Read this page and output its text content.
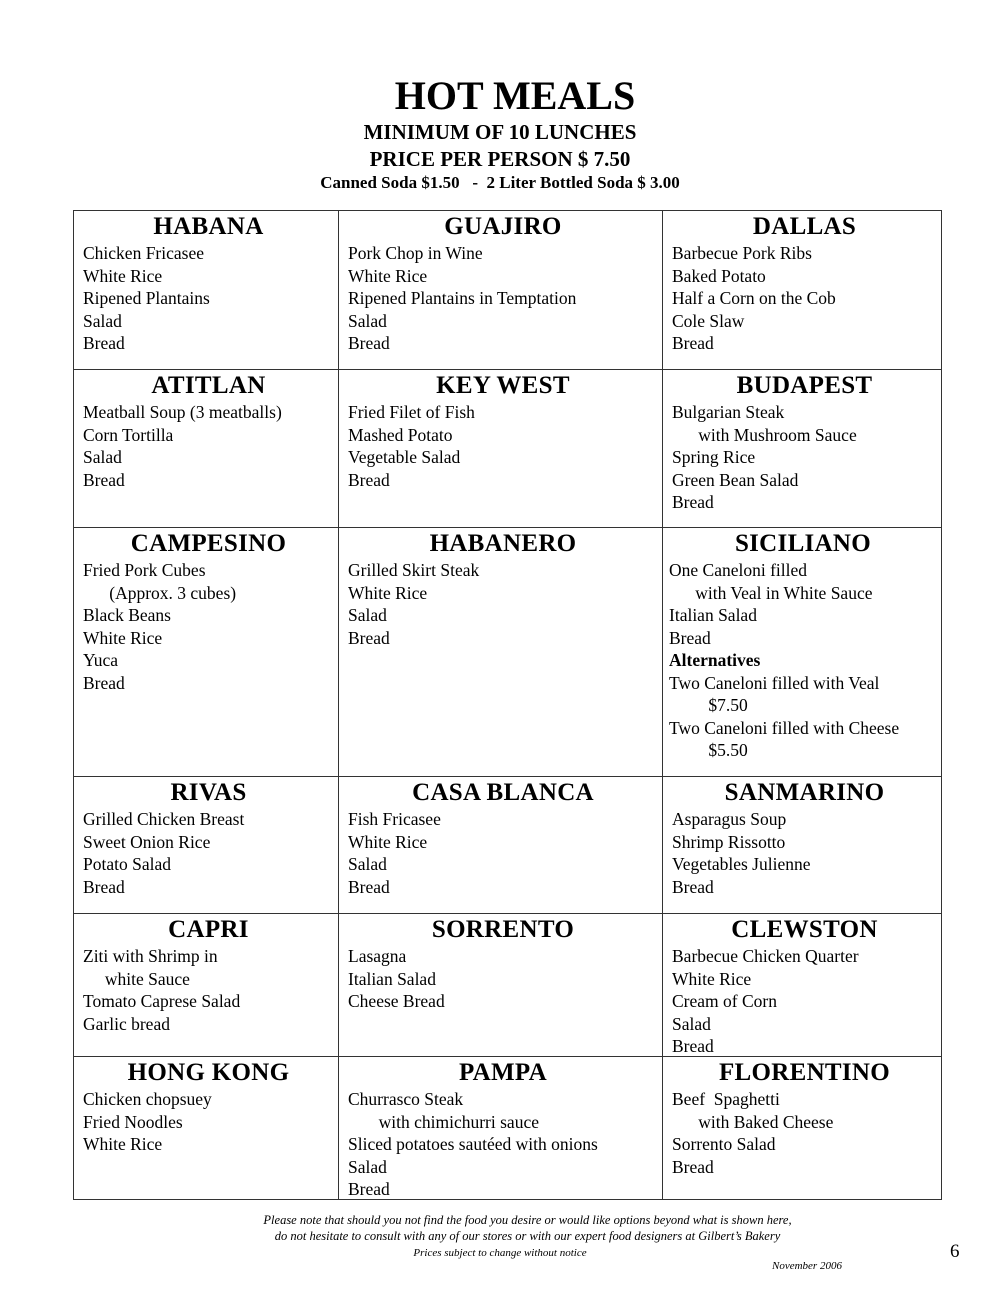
HOT MEALS
MINIMUM OF 10 LUNCHES
PRICE PER PERSON $ 7.50
Canned Soda $1.50   -  2 Liter Bottled Soda $ 3.00
HABANA
Chicken Fricasee
White Rice
Ripened Plantains
Salad
Bread
GUAJIRO
Pork Chop in Wine
White Rice
Ripened Plantains in Temptation
Salad
Bread
DALLAS
Barbecue Pork Ribs
Baked Potato
Half a Corn on the Cob
Cole Slaw
Bread
ATITLAN
Meatball Soup (3 meatballs)
Corn Tortilla
Salad
Bread
KEY WEST
Fried Filet of Fish
Mashed Potato
Vegetable Salad
Bread
BUDAPEST
Bulgarian Steak
with Mushroom Sauce
Spring Rice
Green Bean Salad
Bread
CAMPESINO
Fried Pork Cubes
(Approx. 3 cubes)
Black Beans
White Rice
Yuca
Bread
HABANERO
Grilled Skirt Steak
White Rice
Salad
Bread
SICILIANO
One Caneloni filled
with Veal in White Sauce
Italian Salad
Bread
Alternatives
Two Caneloni filled with Veal
$7.50
Two Caneloni filled with Cheese
$5.50
RIVAS
Grilled Chicken Breast
Sweet Onion Rice
Potato Salad
Bread
CASA BLANCA
Fish Fricasee
White Rice
Salad
Bread
SANMARINO
Asparagus Soup
Shrimp Rissotto
Vegetables Julienne
Bread
CAPRI
Ziti with Shrimp in
white Sauce
Tomato Caprese Salad
Garlic bread
SORRENTO
Lasagna
Italian Salad
Cheese Bread
CLEWSTON
Barbecue Chicken Quarter
White Rice
Cream of Corn
Salad
Bread
HONG KONG
Chicken chopsuey
Fried Noodles
White Rice
PAMPA
Churrasco Steak
with chimichurri sauce
Sliced potatoes sautéed with onions
Salad
Bread
FLORENTINO
Beef  Spaghetti
with Baked Cheese
Sorrento Salad
Bread
Please note that should you not find the food you desire or would like options beyond what is shown here,
do not hesitate to consult with any of our stores or with our expert food designers at Gilbert’s Bakery
Prices subject to change without notice
November 2006
6
